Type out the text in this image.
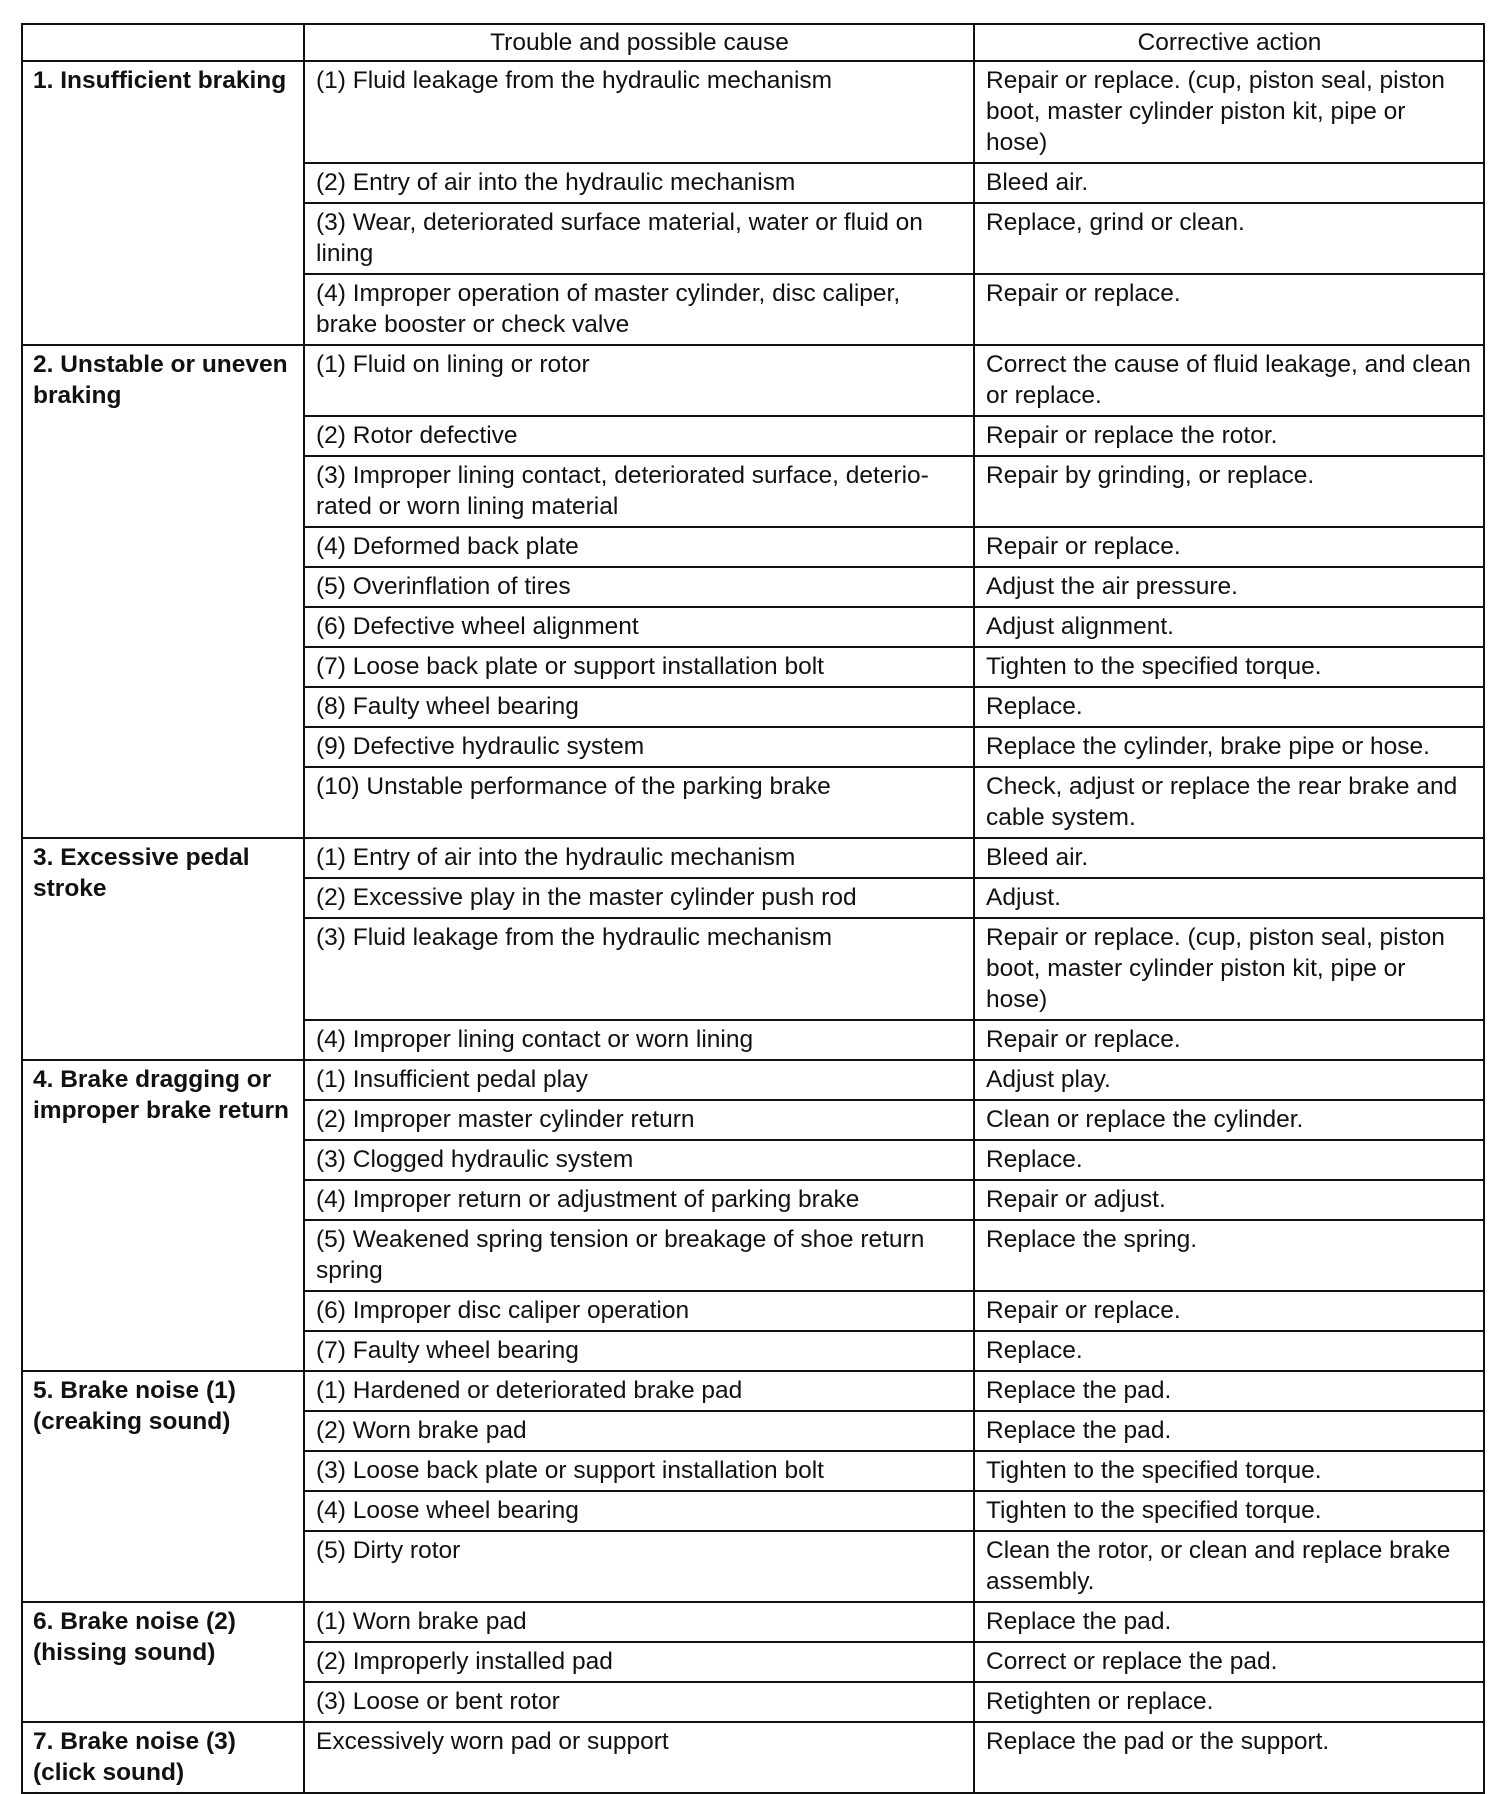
	Trouble and possible cause	Corrective action
1. Insufficient braking	(1) Fluid leakage from the hydraulic mechanism	Repair or replace. (cup, piston seal, piston boot, master cylinder piston kit, pipe or hose)
	(2) Entry of air into the hydraulic mechanism	Bleed air.
	(3) Wear, deteriorated surface material, water or fluid on lining	Replace, grind or clean.
	(4) Improper operation of master cylinder, disc caliper, brake booster or check valve	Repair or replace.
2. Unstable or uneven braking	(1) Fluid on lining or rotor	Correct the cause of fluid leakage, and clean or replace.
	(2) Rotor defective	Repair or replace the rotor.
	(3) Improper lining contact, deteriorated surface, deterio-rated or worn lining material	Repair by grinding, or replace.
	(4) Deformed back plate	Repair or replace.
	(5) Overinflation of tires	Adjust the air pressure.
	(6) Defective wheel alignment	Adjust alignment.
	(7) Loose back plate or support installation bolt	Tighten to the specified torque.
	(8) Faulty wheel bearing	Replace.
	(9) Defective hydraulic system	Replace the cylinder, brake pipe or hose.
	(10) Unstable performance of the parking brake	Check, adjust or replace the rear brake and cable system.
3. Excessive pedal stroke	(1) Entry of air into the hydraulic mechanism	Bleed air.
	(2) Excessive play in the master cylinder push rod	Adjust.
	(3) Fluid leakage from the hydraulic mechanism	Repair or replace. (cup, piston seal, piston boot, master cylinder piston kit, pipe or hose)
	(4) Improper lining contact or worn lining	Repair or replace.
4. Brake dragging or improper brake return	(1) Insufficient pedal play	Adjust play.
	(2) Improper master cylinder return	Clean or replace the cylinder.
	(3) Clogged hydraulic system	Replace.
	(4) Improper return or adjustment of parking brake	Repair or adjust.
	(5) Weakened spring tension or breakage of shoe return spring	Replace the spring.
	(6) Improper disc caliper operation	Repair or replace.
	(7) Faulty wheel bearing	Replace.
5. Brake noise (1) (creaking sound)	(1) Hardened or deteriorated brake pad	Replace the pad.
	(2) Worn brake pad	Replace the pad.
	(3) Loose back plate or support installation bolt	Tighten to the specified torque.
	(4) Loose wheel bearing	Tighten to the specified torque.
	(5) Dirty rotor	Clean the rotor, or clean and replace brake assembly.
6. Brake noise (2) (hissing sound)	(1) Worn brake pad	Replace the pad.
	(2) Improperly installed pad	Correct or replace the pad.
	(3) Loose or bent rotor	Retighten or replace.
7. Brake noise (3) (click sound)	Excessively worn pad or support	Replace the pad or the support.
